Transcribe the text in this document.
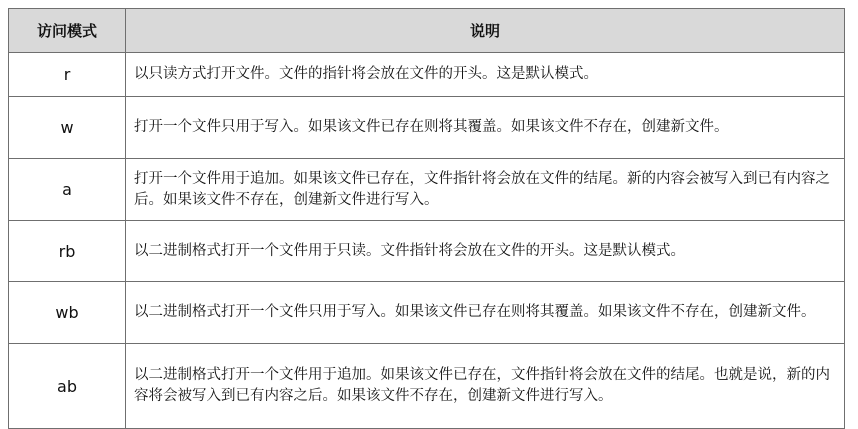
访问模式	说明
r	以只读方式打开文件。文件的指针将会放在文件的开头。这是默认模式。
w	打开一个文件只用于写入。如果该文件已存在则将其覆盖。如果该文件不存在，创建新文件。
a	打开一个文件用于追加。如果该文件已存在，文件指针将会放在文件的结尾。新的内容会被写入到已有内容之后。如果该文件不存在，创建新文件进行写入。
rb	以二进制格式打开一个文件用于只读。文件指针将会放在文件的开头。这是默认模式。
wb	以二进制格式打开一个文件只用于写入。如果该文件已存在则将其覆盖。如果该文件不存在，创建新文件。
ab	以二进制格式打开一个文件用于追加。如果该文件已存在，文件指针将会放在文件的结尾。也就是说，新的内容将会被写入到已有内容之后。如果该文件不存在，创建新文件进行写入。
